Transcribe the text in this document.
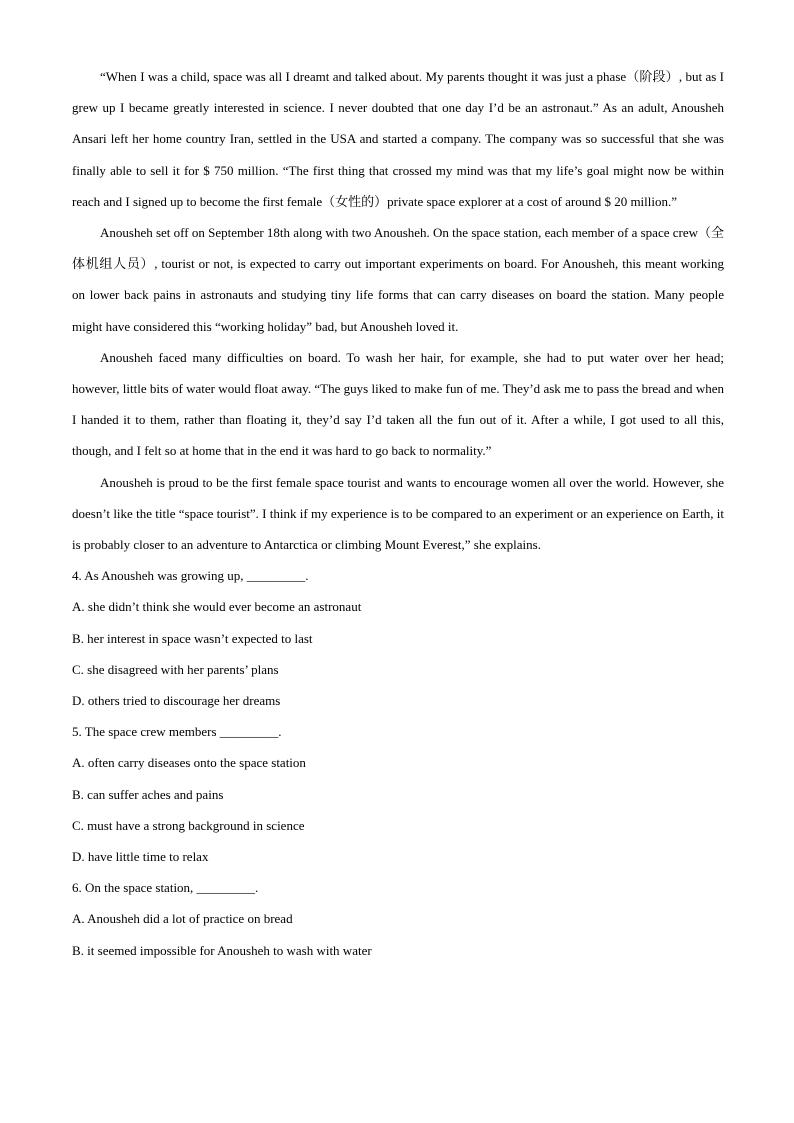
“When I was a child, space was all I dreamt and talked about. My parents thought it was just a phase（阶段）, but as I grew up I became greatly interested in science. I never doubted that one day I’d be an astronaut.” As an adult, Anousheh Ansari left her home country Iran, settled in the USA and started a company. The company was so successful that she was finally able to sell it for $ 750 million. “The first thing that crossed my mind was that my life’s goal might now be within reach and I signed up to become the first female（女性的）private space explorer at a cost of around $ 20 million.”

Anousheh set off on September 18th along with two Anousheh. On the space station, each member of a space crew（全体机组人员）, tourist or not, is expected to carry out important experiments on board. For Anousheh, this meant working on lower back pains in astronauts and studying tiny life forms that can carry diseases on board the station. Many people might have considered this “working holiday” bad, but Anousheh loved it.

Anousheh faced many difficulties on board. To wash her hair, for example, she had to put water over her head; however, little bits of water would float away. “The guys liked to make fun of me. They’d ask me to pass the bread and when I handed it to them, rather than floating it, they’d say I’d taken all the fun out of it. After a while, I got used to all this, though, and I felt so at home that in the end it was hard to go back to normality.”

Anousheh is proud to be the first female space tourist and wants to encourage women all over the world. However, she doesn’t like the title “space tourist”. I think if my experience is to be compared to an experiment or an experience on Earth, it is probably closer to an adventure to Antarctica or climbing Mount Everest,” she explains.

4. As Anousheh was growing up, _________.

A. she didn’t think she would ever become an astronaut

B. her interest in space wasn’t expected to last

C. she disagreed with her parents’ plans

D. others tried to discourage her dreams

5. The space crew members _________.

A. often carry diseases onto the space station

B. can suffer aches and pains

C. must have a strong background in science

D. have little time to relax

6. On the space station, _________.

A. Anousheh did a lot of practice on bread

B. it seemed impossible for Anousheh to wash with water
